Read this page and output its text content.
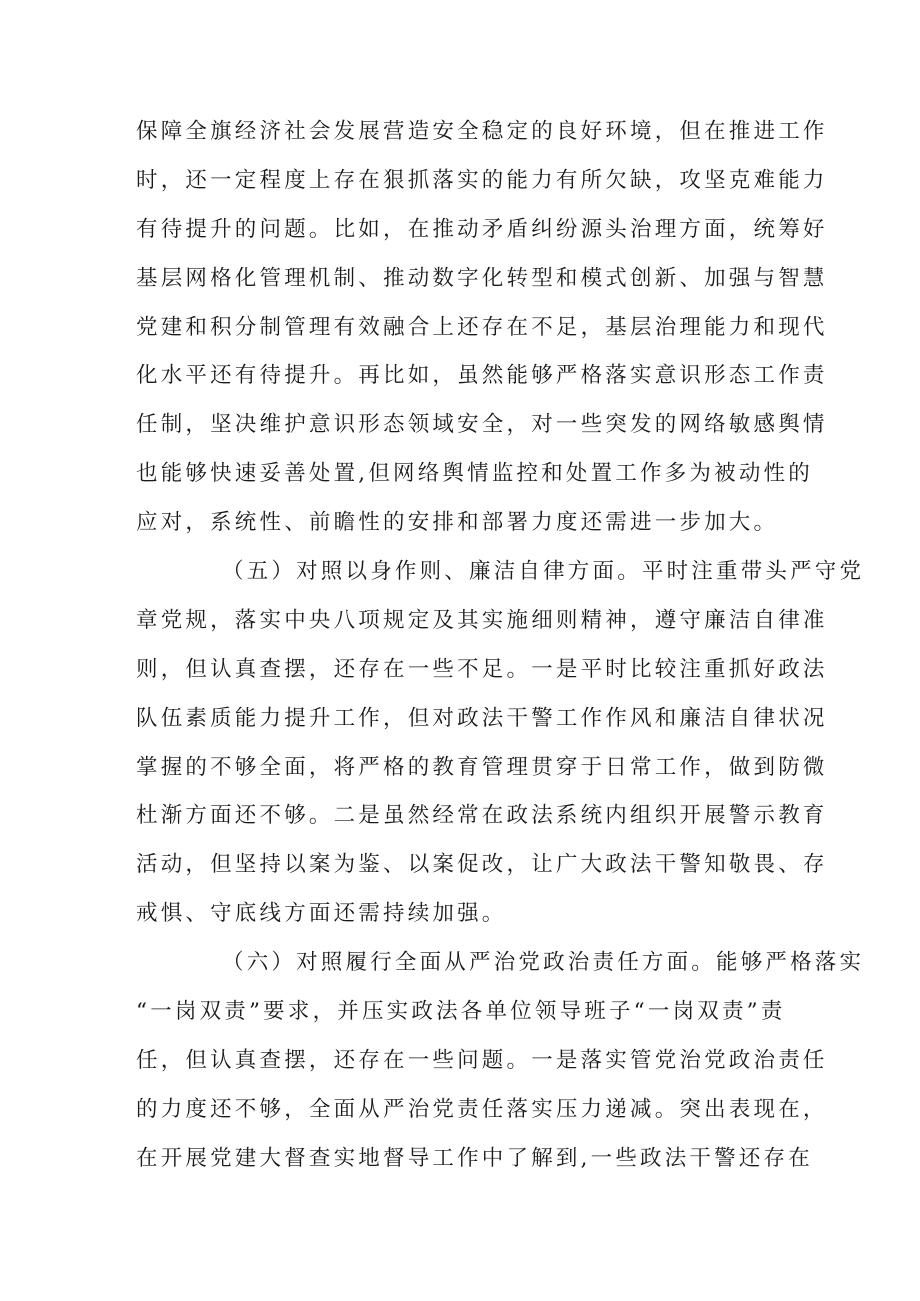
保障全旗经济社会发展营造安全稳定的良好环境，但在推进工作
时，还一定程度上存在狠抓落实的能力有所欠缺，攻坚克难能力
有待提升的问题。比如，在推动矛盾纠纷源头治理方面，统筹好
基层网格化管理机制、推动数字化转型和模式创新、加强与智慧
党建和积分制管理有效融合上还存在不足，基层治理能力和现代
化水平还有待提升。再比如，虽然能够严格落实意识形态工作责
任制，坚决维护意识形态领域安全，对一些突发的网络敏感舆情
也能够快速妥善处置,但网络舆情监控和处置工作多为被动性的
应对，系统性、前瞻性的安排和部署力度还需进一步加大。
（五）对照以身作则、廉洁自律方面。平时注重带头严守党
章党规，落实中央八项规定及其实施细则精神，遵守廉洁自律准
则，但认真查摆，还存在一些不足。一是平时比较注重抓好政法
队伍素质能力提升工作，但对政法干警工作作风和廉洁自律状况
掌握的不够全面，将严格的教育管理贯穿于日常工作，做到防微
杜渐方面还不够。二是虽然经常在政法系统内组织开展警示教育
活动，但坚持以案为鉴、以案促改，让广大政法干警知敬畏、存
戒惧、守底线方面还需持续加强。
（六）对照履行全面从严治党政治责任方面。能够严格落实
“一岗双责”要求，并压实政法各单位领导班子“一岗双责”责
任，但认真查摆，还存在一些问题。一是落实管党治党政治责任
的力度还不够，全面从严治党责任落实压力递减。突出表现在，
在开展党建大督查实地督导工作中了解到,一些政法干警还存在
